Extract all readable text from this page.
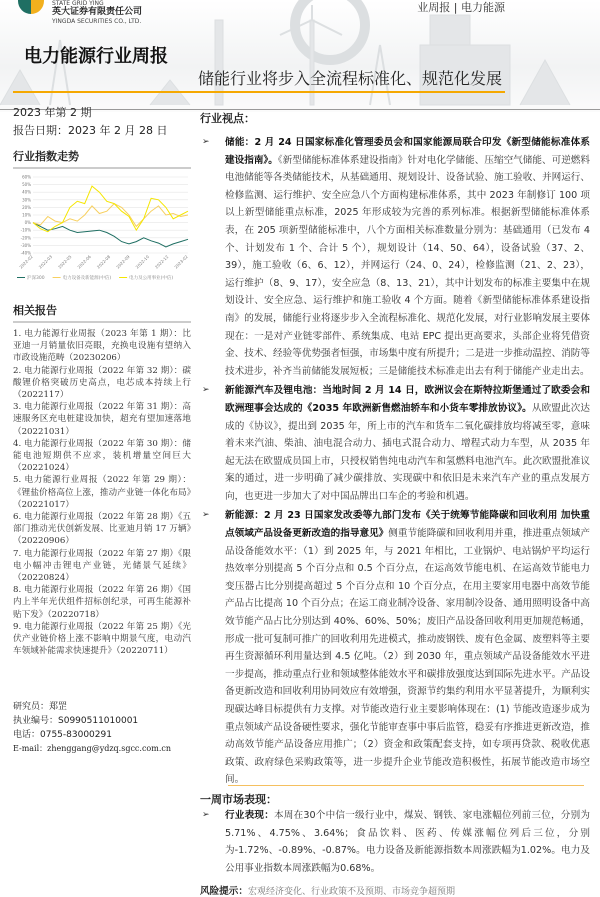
STATE GRID YING
英大证券有限责任公司
YINGDA SECURITIES CO., LTD.
业周报 | 电力能源
电力能源行业周报
储能行业将步入全流程标准化、规范化发展
2023 年第 2 期
报告日期：2023 年 2 月 28 日
行业指数走势
60%
50%
40%
30%
20%
10%
0%
-10%
-20%
-30%
-40%
2022-02 2022-03 2022-05 2022-06 2022-08 2022-09 2022-10 2022-12 2023-02
沪深300	电力设备及新能源(中信)	电力及公用事业(中信)
相关报告
1. 电力能源行业周报（2023 年第 1 期）：比亚迪一月销量依旧亮眼，充换电设施有望纳入市政设施范畴（20230206）
2. 电力能源行业周报（2022 年第 32 期）：碳酸锂价格突破历史高点，电芯成本持续上行（2022117）
3. 电力能源行业周报（2022 年第 31 期）：高速服务区充电桩建设加快，超充有望加速落地（20221031）
4. 电力能源行业周报（2022 年第 30 期）：储能电池短期供不应求，装机增量空间巨大（20221024）
5. 电力能源行业周报（2022 年第 29 期）：《锂盐价格高位上涨，推动产业链一体化布局》（20221017）
6. 电力能源行业周报（2022 年第 28 期）《五部门推动光伏创新发展、比亚迪月销 17 万辆》（20220906）
7. 电力能源行业周报（2022 年第 27 期）《限电小幅冲击锂电产业链，光储景气延续》（20220824）
8. 电力能源行业周报（2022 年第 26 期）《国内上半年光伏组件招标创纪录，可再生能源补贴下发》（20220718）
9. 电力能源行业周报（2022 年第 25 期）《光伏产业链价格上涨不影响中期景气度，电动汽车领域补能需求快速提升》（20220711）
研究员：郑罡
执业编号：S0990511010001
电话：0755-83000291
E-mail：zhenggang@ydzq.sgcc.com.cn
行业视点：
➢ 储能：2 月 24 日国家标准化管理委员会和国家能源局联合印发《新型储能标准体系建设指南》。《新型储能标准体系建设指南》针对电化学储能、压缩空气储能、可逆燃料电池储能等各类储能技术，从基础通用、规划设计、设备试验、施工验收、并网运行、检修监测、运行维护、安全应急八个方面构建标准体系，其中 2023 年制修订 100 项以上新型储能重点标准，2025 年形成较为完善的系列标准。根据新型储能标准体系表，在 205 项新型储能标准中，八个方面相关标准数量分别为：基础通用（已发布 4 个、计划发布 1 个、合计 5 个），规划设计（14、50、64），设备试验（37、2、39），施工验收（6、6、12），并网运行（24、0、24），检修监测（21、2、23），运行维护（8、9、17），安全应急（8、13、21），其中计划发布的标准主要集中在规划设计、安全应急、运行维护和施工验收 4 个方面。随着《新型储能标准体系建设指南》的发展，储能行业将逐步步入全流程标准化、规范化发展，对行业影响发展主要体现在：一是对产业链零部件、系统集成、电站 EPC 提出更高要求，头部企业将凭借资金、技术、经验等优势强者恒强，市场集中度有所提升；二是进一步推动温控、消防等技术进步，补齐当前储能发展短板；三是储能技术标准走出去有利于储能产业走出去。
➢ 新能源汽车及锂电池：当地时间 2 月 14 日，欧洲议会在斯特拉斯堡通过了欧委会和欧洲理事会达成的《2035 年欧洲新售燃油轿车和小货车零排放协议》。从欧盟此次达成的《协议》，提出到 2035 年，所上市的汽车和货车二氧化碳排放均将减至零，意味着未来汽油、柴油、油电混合动力、插电式混合动力、增程式动力车型，从 2035 年起无法在欧盟成员国上市，只授权销售纯电动汽车和氢燃料电池汽车。此次欧盟批准议案的通过，进一步明确了减少碳排放、实现碳中和依旧是未来汽车产业的重点发展方向，也更进一步加大了对中国品牌出口车企的考验和机遇。
➢ 新能源：2 月 23 日国家发改委等九部门发布《关于统筹节能降碳和回收利用 加快重点领域产品设备更新改造的指导意见》侧重节能降碳和回收利用并重，推进重点领域产品设备能效水平：（1）到 2025 年，与 2021 年相比，工业锅炉、电站锅炉平均运行热效率分别提高 5 个百分点和 0.5 个百分点，在运高效节能电机、在运高效节能电力变压器占比分别提高超过 5 个百分点和 10 个百分点，在用主要家用电器中高效节能产品占比提高 10 个百分点；在运工商业制冷设备、家用制冷设备、通用照明设备中高效节能产品占比分别达到 40%、60%、50%；废旧产品设备回收利用更加规范畅通，形成一批可复制可推广的回收利用先进模式，推动废钢铁、废有色金属、废塑料等主要再生资源循环利用量达到 4.5 亿吨。（2）到 2030 年，重点领域产品设备能效水平进一步提高，推动重点行业和领域整体能效水平和碳排放强度达到国际先进水平。产品设备更新改造和回收利用协同效应有效增强，资源节约集约利用水平显著提升，为顺利实现碳达峰目标提供有力支撑。对节能改造行业主要影响体现在：(1) 节能改造逐步成为重点领域产品设备硬性要求，强化节能审查事中事后监管，稳妥有序推进更新改造，推动高效节能产品设备应用推广；（2）资金和政策配套支持，如专项再贷款、税收优惠政策、政府绿色采购政策等，进一步提升企业节能改造积极性，拓展节能改造市场空间。
一周市场表现：
➢ 行业表现：本周在30个中信一级行业中，煤炭、钢铁、家电涨幅位列前三位，分别为5.71%、4.75%、3.64%；食品饮料、医药、传媒涨幅位列后三位，分别为-1.72%、-0.89%、-0.87%。电力设备及新能源指数本周涨跌幅为1.02%。电力及公用事业指数本周涨跌幅为0.68%。
风险提示：宏观经济变化、行业政策不及预期、市场竞争超预期
